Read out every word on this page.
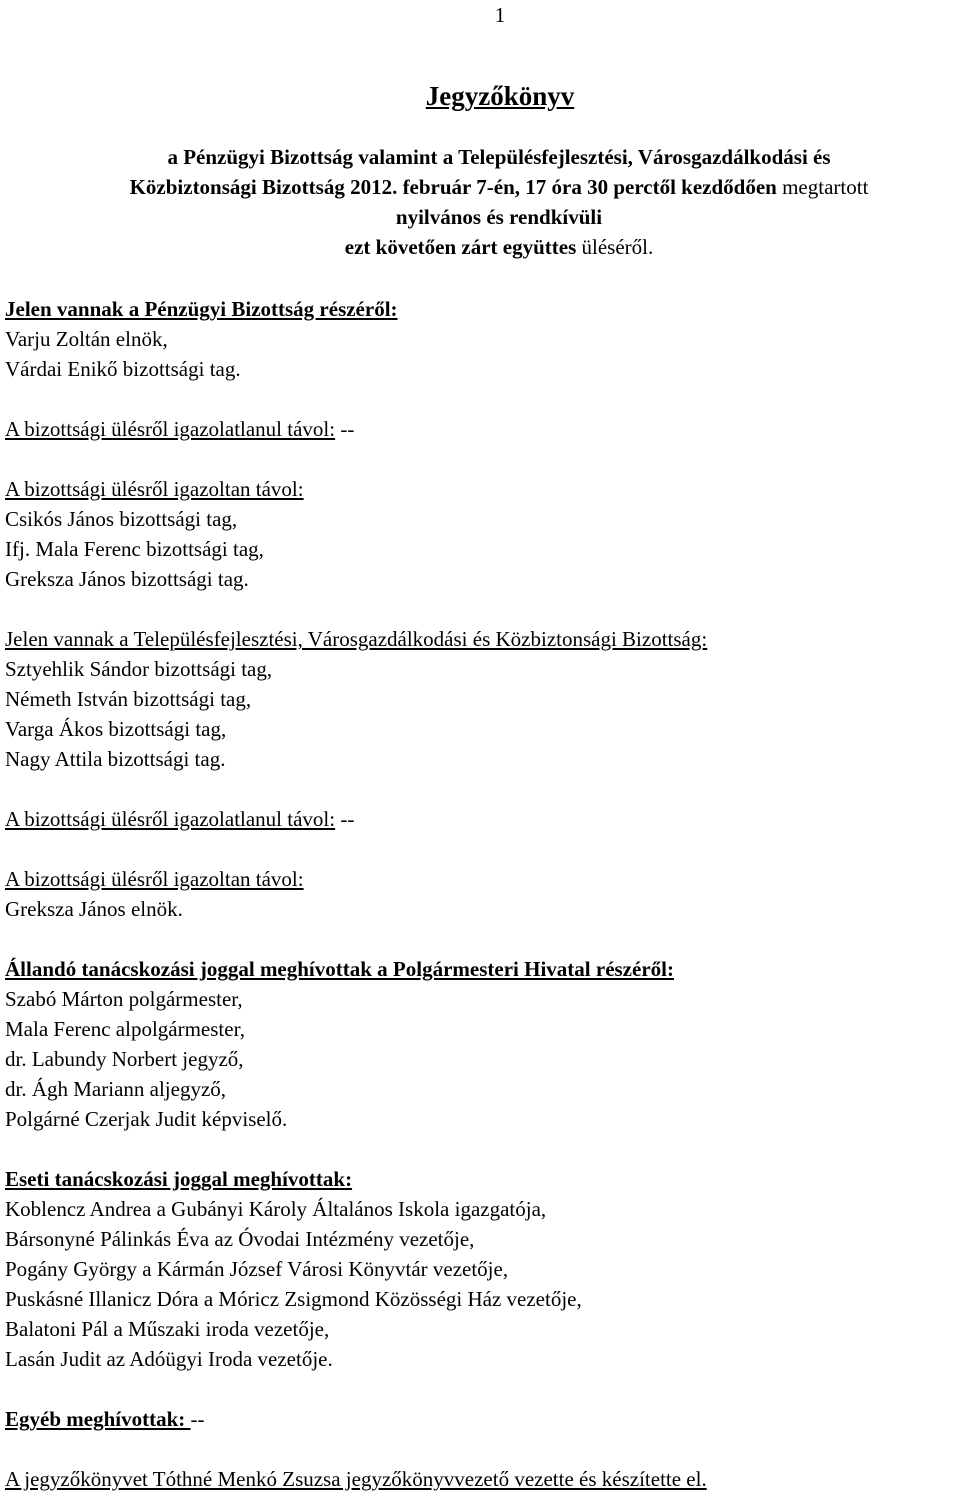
1
Jegyzőkönyv
a Pénzügyi Bizottság valamint a Településfejlesztési, Városgazdálkodási és
Közbiztonsági Bizottság 2012. február 7-én, 17 óra 30 perctől kezdődően megtartott
nyilvános és rendkívüli
ezt követően zárt együttes üléséről.
Jelen vannak a Pénzügyi Bizottság részéről:
Varju Zoltán elnök,
Várdai Enikő bizottsági tag.
A bizottsági ülésről igazolatlanul távol: --
A bizottsági ülésről igazoltan távol:
Csikós János bizottsági tag,
Ifj. Mala Ferenc bizottsági tag,
Greksza János bizottsági tag.
Jelen vannak a Településfejlesztési, Városgazdálkodási és Közbiztonsági Bizottság:
Sztyehlik Sándor bizottsági tag,
Németh István bizottsági tag,
Varga Ákos bizottsági tag,
Nagy Attila bizottsági tag.
A bizottsági ülésről igazolatlanul távol: --
A bizottsági ülésről igazoltan távol:
Greksza János elnök.
Állandó tanácskozási joggal meghívottak a Polgármesteri Hivatal részéről:
Szabó Márton polgármester,
Mala Ferenc alpolgármester,
dr. Labundy Norbert jegyző,
dr. Ágh Mariann aljegyző,
Polgárné Czerjak Judit képviselő.
Eseti tanácskozási joggal meghívottak:
Koblencz Andrea a Gubányi Károly Általános Iskola igazgatója,
Bársonyné Pálinkás Éva az Óvodai Intézmény vezetője,
Pogány György a Kármán József Városi Könyvtár vezetője,
Puskásné Illanicz Dóra a Móricz Zsigmond Közösségi Ház vezetője,
Balatoni Pál a Műszaki iroda vezetője,
Lasán Judit az Adóügyi Iroda vezetője.
Egyéb meghívottak: --
A jegyzőkönyvet Tóthné Menkó Zsuzsa jegyzőkönyvvezető vezette és készítette el.
